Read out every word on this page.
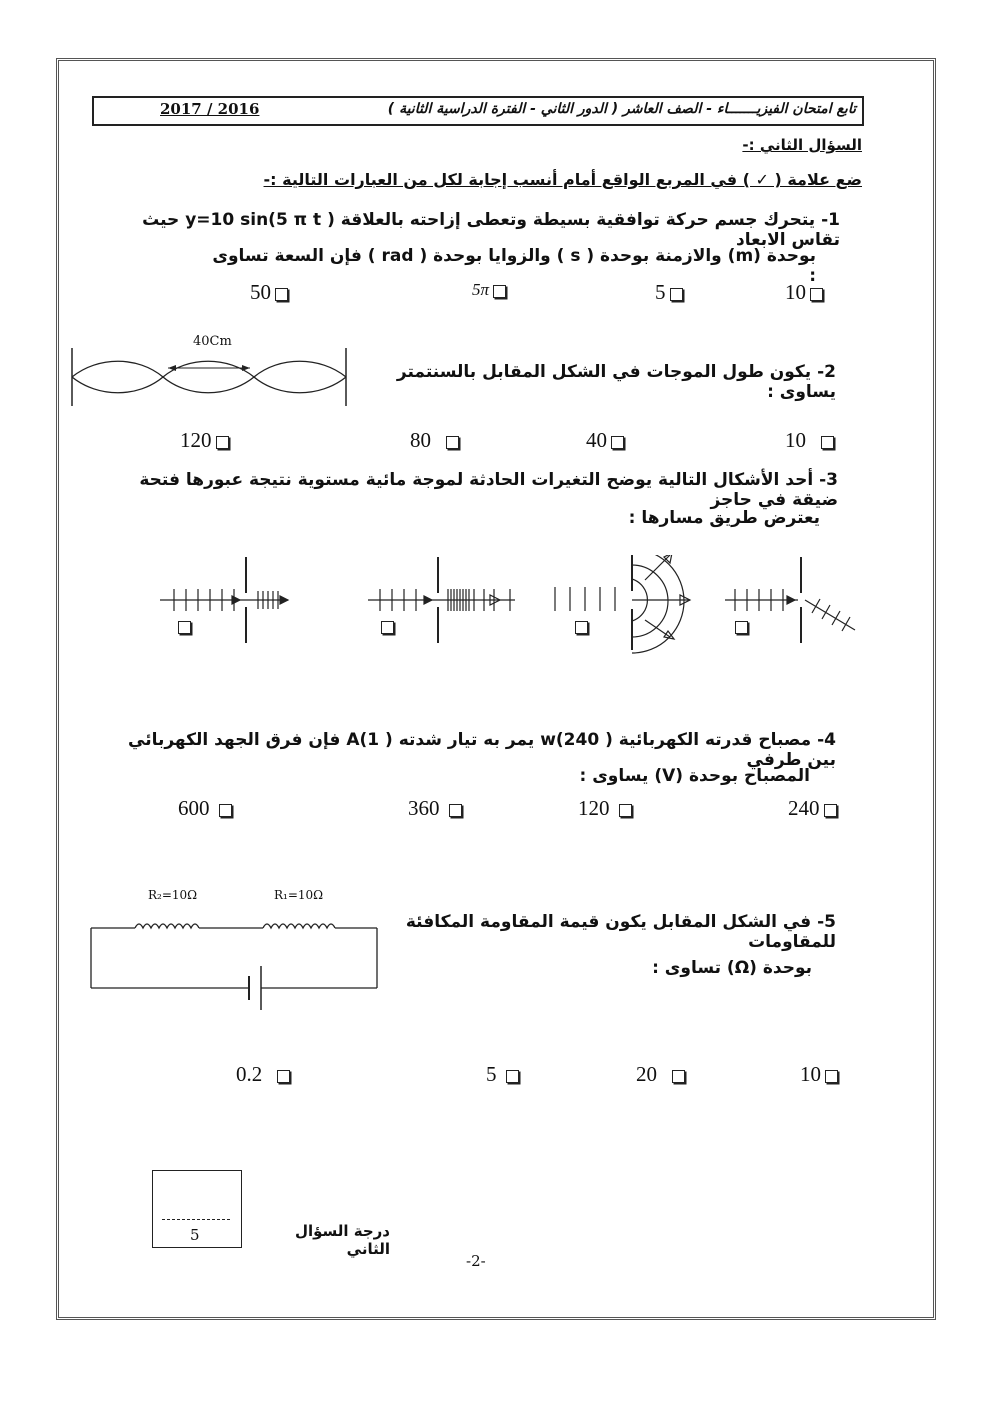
تابع امتحان الفيزيـــــــاء - الصف العاشر ( الدور الثاني - الفترة الدراسية الثانية )
2017 / 2016
السؤال الثاني :-
ضع علامة ( ✓ ) في المربع الواقع أمام أنسب إجابة لكل من العبارات التالية :-
1- يتحرك جسم حركة توافقية بسيطة وتعطى إزاحته بالعلاقة ( y=10 sin(5 π t حيث تقاس الابعاد
بوحدة (m) والازمنة بوحدة ( s ) والزوايا بوحدة ( rad ) فإن السعة تساوى :
10
5
5π
50
40Cm
2- يكون طول الموجات في الشكل المقابل بالسنتمتر يساوى :
10
40
80
120
3- أحد الأشكال التالية يوضح التغيرات الحادثة لموجة مائية مستوية نتيجة عبورها فتحة ضيقة في حاجز
يعترض طريق مسارها :
4- مصباح قدرته الكهربائية w(240 ) يمر به تيار شدته A(1 ) فإن فرق الجهد الكهربائي بين طرفي
المصباح بوحدة (V) يساوى :
240
120
360
600
R₂=10Ω	R₁=10Ω
5- في الشكل المقابل يكون قيمة المقاومة المكافئة للمقاومات
بوحدة (Ω) تساوى :
10
20
5
0.2
5	درجة السؤال الثاني
-2-
